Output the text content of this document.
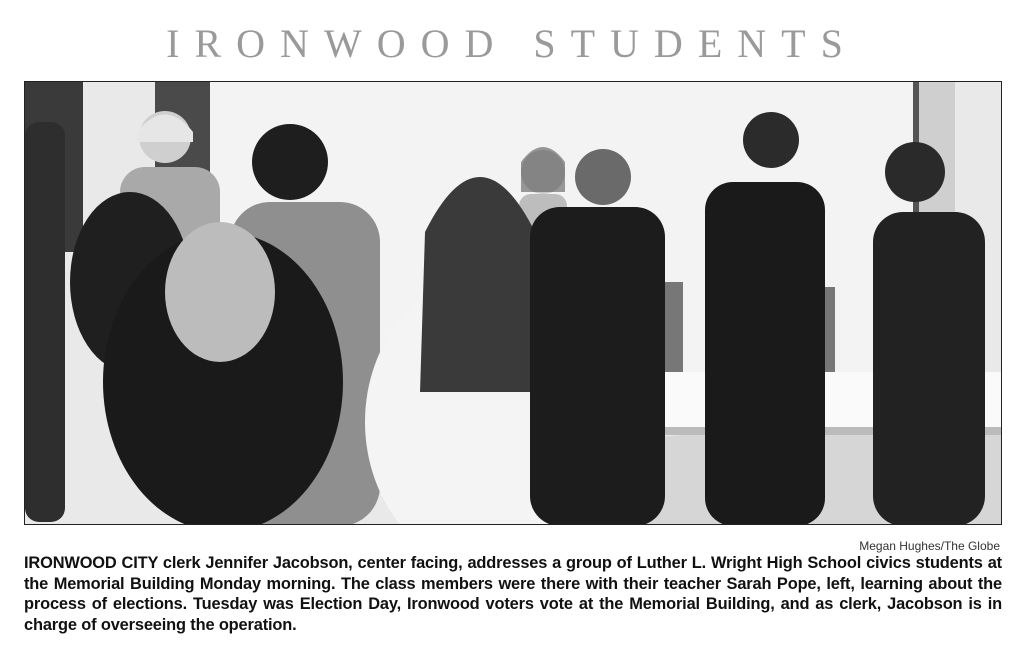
IRONWOOD STUDENTS
Megan Hughes/The Globe

IRONWOOD CITY clerk Jennifer Jacobson, center facing, addresses a group of Luther L. Wright High School civics students at the Memorial Building Monday morning. The class members were there with their teacher Sarah Pope, left, learning about the process of elections. Tuesday was Election Day, Ironwood voters vote at the Memorial Building, and as clerk, Jacobson is in charge of overseeing the operation.
